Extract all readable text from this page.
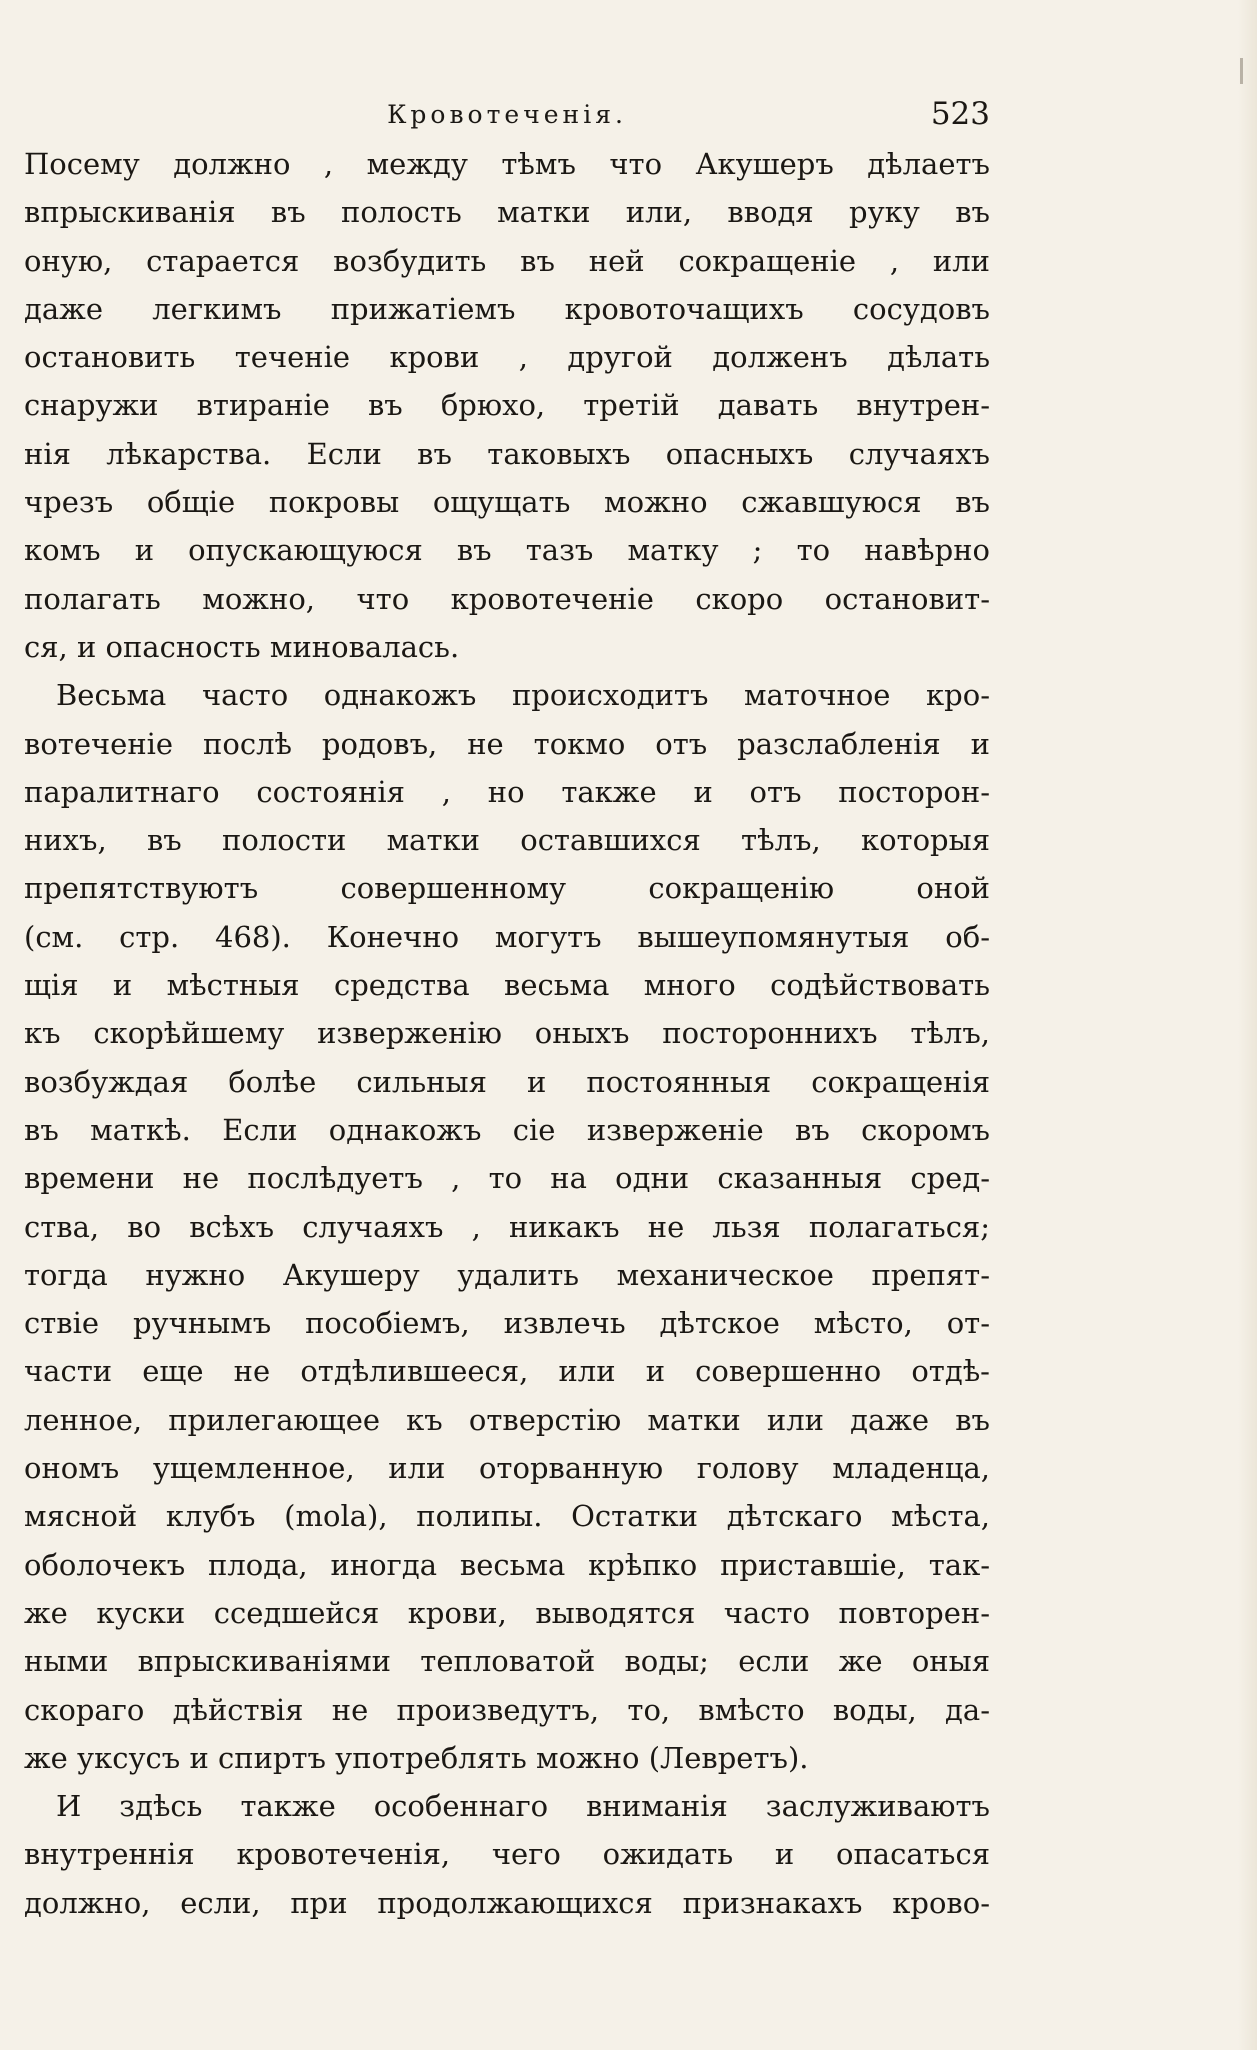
Кровотеченія.	523
Посему должно , между тѣмъ что Акушеръ дѣлаетъ
впрыскиванія въ полость матки или, вводя руку въ
оную, старается возбудить въ ней сокращеніе , или
даже легкимъ прижатіемъ кровоточащихъ сосудовъ
остановить теченіе крови , другой долженъ дѣлать
снаружи втираніе въ брюхо, третій давать внутрен-
нія лѣкарства. Если въ таковыхъ опасныхъ случаяхъ
чрезъ общіе покровы ощущать можно сжавшуюся въ
комъ и опускающуюся въ тазъ матку ; то навѣрно
полагать можно, что кровотеченіе скоро остановит-
ся, и опасность миновалась.
Весьма часто однакожъ происходитъ маточное кро-
вотеченіе послѣ родовъ, не токмо отъ разслабленія и
паралитнаго состоянія , но также и отъ посторон-
нихъ, въ полости матки оставшихся тѣлъ, которыя
препятствуютъ совершенному сокращенію оной
(см. стр. 468). Конечно могутъ вышеупомянутыя об-
щія и мѣстныя средства весьма много содѣйствовать
къ скорѣйшему изверженію оныхъ постороннихъ тѣлъ,
возбуждая болѣе сильныя и постоянныя сокращенія
въ маткѣ. Если однакожъ сіе изверженіе въ скоромъ
времени не послѣдуетъ , то на одни сказанныя сред-
ства, во всѣхъ случаяхъ , никакъ не льзя полагаться;
тогда нужно Акушеру удалить механическое препят-
ствіе ручнымъ пособіемъ, извлечь дѣтское мѣсто, от-
части еще не отдѣлившееся, или и совершенно отдѣ-
ленное, прилегающее къ отверстію матки или даже въ
ономъ ущемленное, или оторванную голову младенца,
мясной клубъ (mola), полипы. Остатки дѣтскаго мѣста,
оболочекъ плода, иногда весьма крѣпко приставшіе, так-
же куски сседшейся крови, выводятся часто повторен-
ными впрыскиваніями тепловатой воды; если же оныя
скораго дѣйствія не произведутъ, то, вмѣсто воды, да-
же уксусъ и спиртъ употреблять можно (Левретъ).
И здѣсь также особеннаго вниманія заслуживаютъ
внутреннія кровотеченія, чего ожидать и опасаться
должно, если, при продолжающихся признакахъ крово-
